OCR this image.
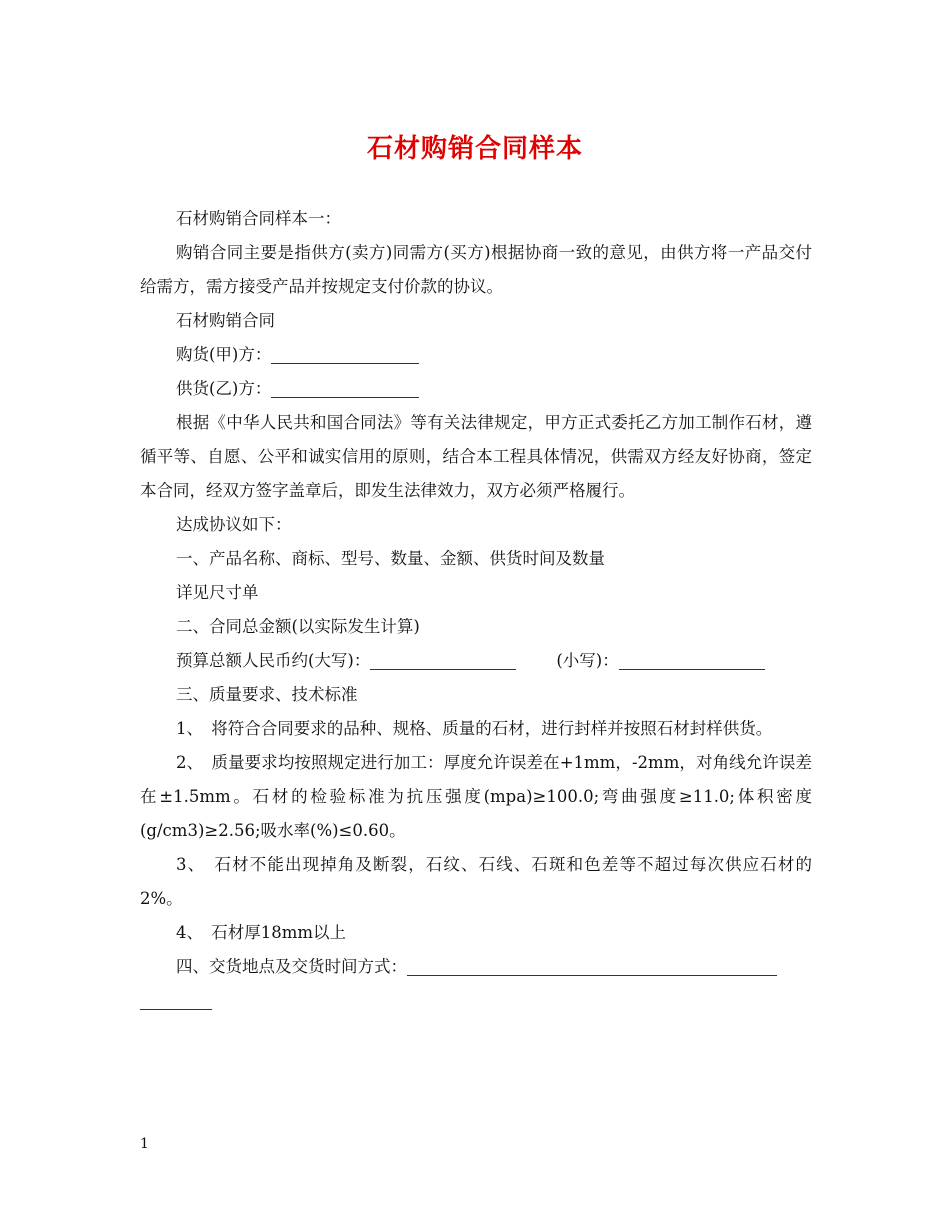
石材购销合同样本

石材购销合同样本一：

购销合同主要是指供方(卖方)同需方(买方)根据协商一致的意见，由供方将一产品交付给需方，需方接受产品并按规定支付价款的协议。

石材购销合同

购货(甲)方：

供货(乙)方：

根据《中华人民共和国合同法》等有关法律规定，甲方正式委托乙方加工制作石材，遵循平等、自愿、公平和诚实信用的原则，结合本工程具体情况，供需双方经友好协商，签定本合同，经双方签字盖章后，即发生法律效力，双方必须严格履行。

达成协议如下：

一、产品名称、商标、型号、数量、金额、供货时间及数量

详见尺寸单

二、合同总金额(以实际发生计算)

预算总额人民币约(大写)：	(小写)：

三、质量要求、技术标准

1、　将符合合同要求的品种、规格、质量的石材，进行封样并按照石材封样供货。

2、　质量要求均按照规定进行加工：厚度允许误差在+1mm，-2mm，对角线允许误差在±1.5mm。石材的检验标准为抗压强度(mpa)≥100.0;弯曲强度≥11.0;体积密度(g/cm3)≥2.56;吸水率(%)≤0.60。

3、　石材不能出现掉角及断裂，石纹、石线、石斑和色差等不超过每次供应石材的2%。

4、　石材厚18mm以上

四、交货地点及交货时间方式：

1
